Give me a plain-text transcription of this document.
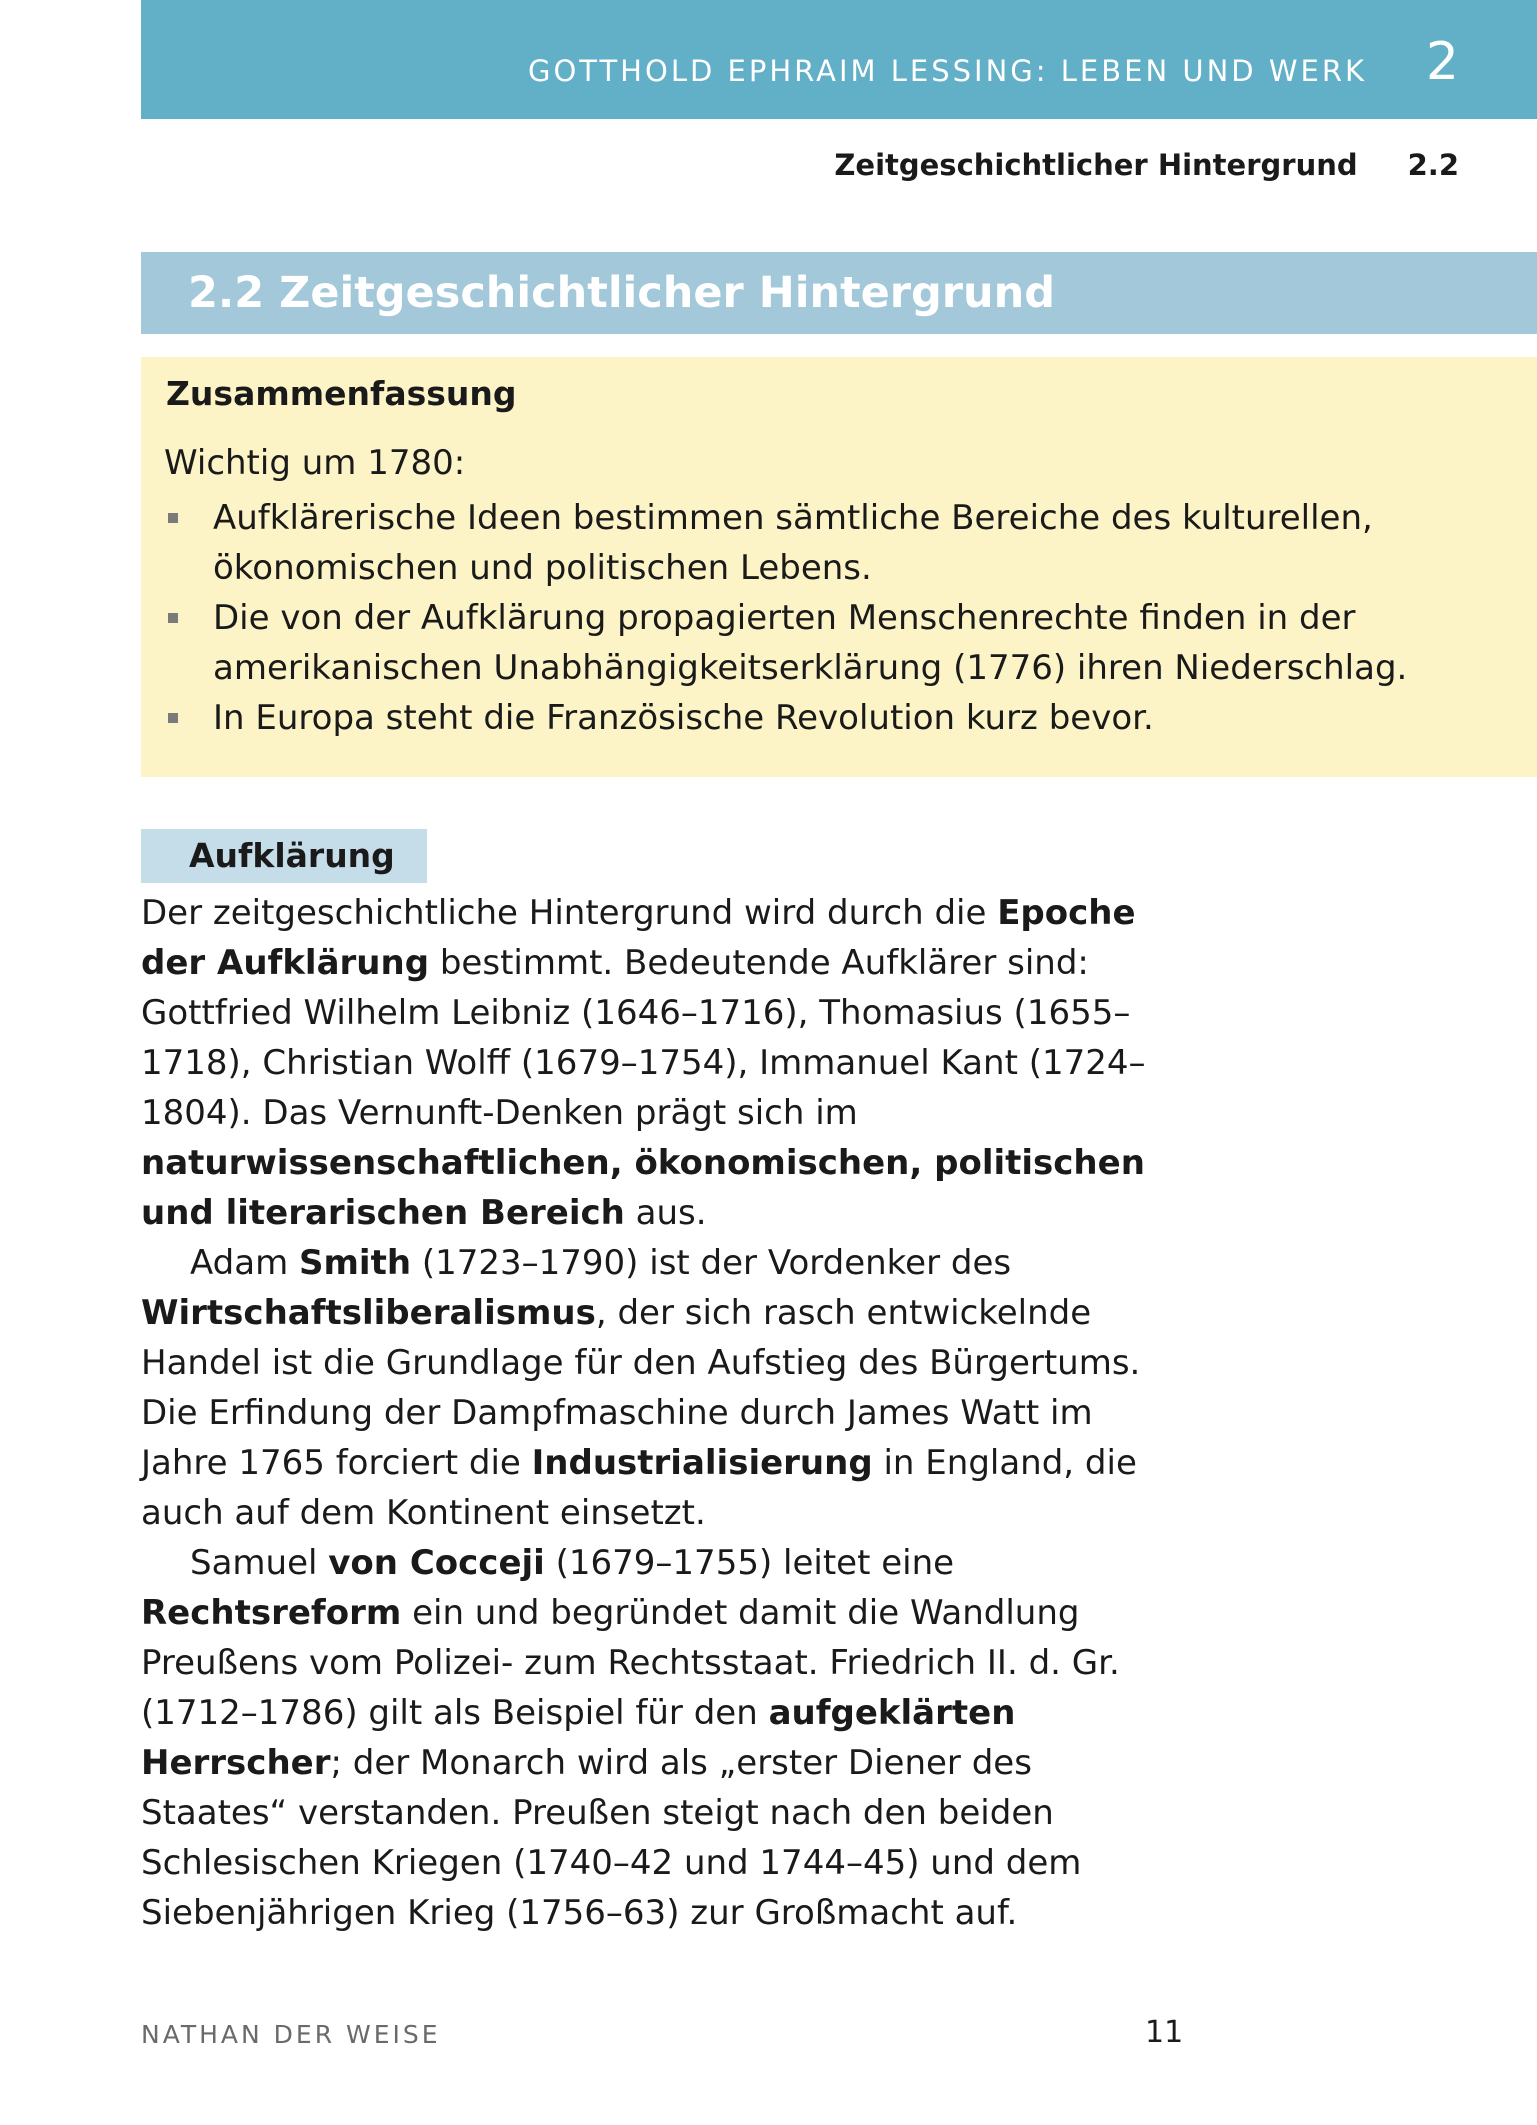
GOTTHOLD EPHRAIM LESSING: LEBEN UND WERK 2
Zeitgeschichtlicher Hintergrund 2.2
2.2 Zeitgeschichtlicher Hintergrund
Zusammenfassung
Wichtig um 1780:
Aufklärerische Ideen bestimmen sämtliche Bereiche des kulturellen, ökonomischen und politischen Lebens.
Die von der Aufklärung propagierten Menschenrechte finden in der amerikanischen Unabhängigkeitserklärung (1776) ihren Niederschlag.
In Europa steht die Französische Revolution kurz bevor.
Aufklärung

Der zeitgeschichtliche Hintergrund wird durch die Epoche der Aufklärung bestimmt. Bedeutende Aufklärer sind: Gottfried Wilhelm Leibniz (1646–1716), Thomasius (1655–1718), Christian Wolff (1679–1754), Immanuel Kant (1724–1804). Das Vernunft-Denken prägt sich im naturwissenschaftlichen, ökonomischen, politischen und literarischen Bereich aus.

Adam Smith (1723–1790) ist der Vordenker des Wirtschaftsliberalismus, der sich rasch entwickelnde Handel ist die Grundlage für den Aufstieg des Bürgertums. Die Erfindung der Dampfmaschine durch James Watt im Jahre 1765 forciert die Industrialisierung in England, die auch auf dem Kontinent einsetzt.

Samuel von Cocceji (1679–1755) leitet eine Rechtsreform ein und begründet damit die Wandlung Preußens vom Polizei- zum Rechtsstaat. Friedrich II. d. Gr. (1712–1786) gilt als Beispiel für den aufgeklärten Herrscher; der Monarch wird als „erster Diener des Staates“ verstanden. Preußen steigt nach den beiden Schlesischen Kriegen (1740–42 und 1744–45) und dem Siebenjährigen Krieg (1756–63) zur Großmacht auf.

NATHAN DER WEISE	11
